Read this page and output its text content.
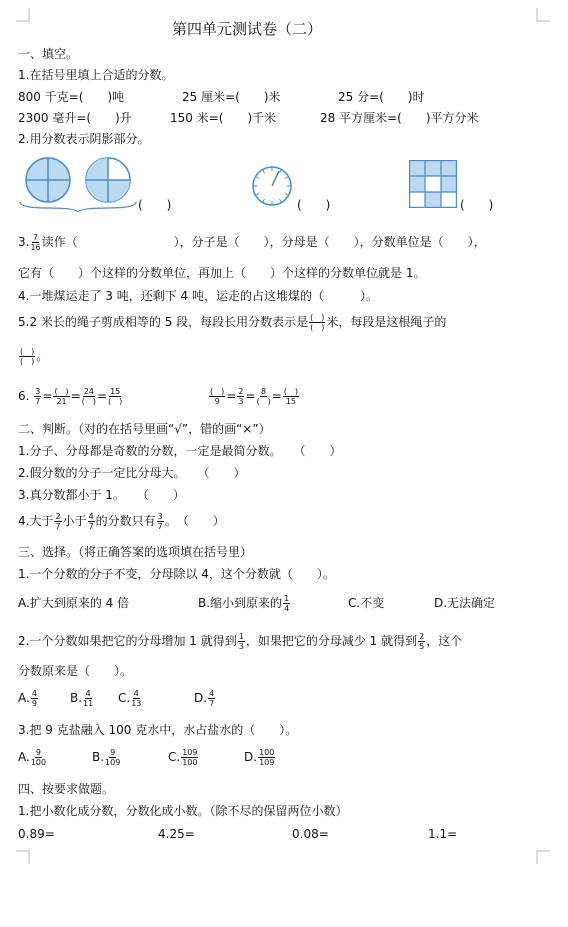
第四单元测试卷（二）
一、填空。
1.在括号里填上合适的分数。
800 千克=(　　)吨	25 厘米=(　　)米	25 分=(　　)时
2300 毫升=(　　)升	150 米=(　　)千米	28 平方厘米=(　　)平方分米
2.用分数表示阴影部分。
(　　)	(　　)	(　　)
3. $\frac{7}{16}$ 读作（　　　　　　　　），分子是（　　），分母是（　　），分数单位是（　　），
它有（　　）个这样的分数单位，再加上（　　）个这样的分数单位就是 1。
4.一堆煤运走了 3 吨，还剩下 4 吨，运走的占这堆煤的（　　　）。
5.2 米长的绳子剪成相等的 5 段，每段长用分数表示是 $\frac{( )}{( )}$ 米，每段是这根绳子的
$\frac{( )}{( )}$ 。
6. $\frac{3}{7} = \frac{( )}{21} = \frac{24}{( )} = \frac{15}{( )}$	$\frac{( )}{9} = \frac{2}{3} = \frac{8}{( )} = \frac{( )}{15}$
二、判断。（对的在括号里画“√”，错的画“×”）
1.分子、分母都是奇数的分数，一定是最简分数。　　（　　）
2.假分数的分子一定比分母大。　　（　　）
3.真分数都小于 1。　　（　　）
4.大于 $\frac{2}{7}$ 小于 $\frac{4}{7}$ 的分数只有 $\frac{3}{7}$ 。　（　　）
三、选择。（将正确答案的选项填在括号里）
1.一个分数的分子不变，分母除以 4，这个分数就（　　）。
A.扩大到原来的 4 倍	B.缩小到原来的 $\frac{1}{4}$	C.不变	D.无法确定
2.一个分数如果把它的分母增加 1 就得到 $\frac{1}{3}$ ，如果把它的分母减少 1 就得到 $\frac{2}{5}$ ，这个
分数原来是（　　）。
A. $\frac{4}{9}$	B. $\frac{4}{11} C$. $\frac{4}{13}$	D. $\frac{4}{7}$
3.把 9 克盐融入 100 克水中，水占盐水的（　　）。
A. $\frac{9}{100}$	B. $\frac{9}{109}$	C. $\frac{109}{100}$	D. $\frac{100}{109}$
四、按要求做题。
1.把小数化成分数，分数化成小数。（除不尽的保留两位小数）
0.89=	4.25=	0.08=	1.1=
